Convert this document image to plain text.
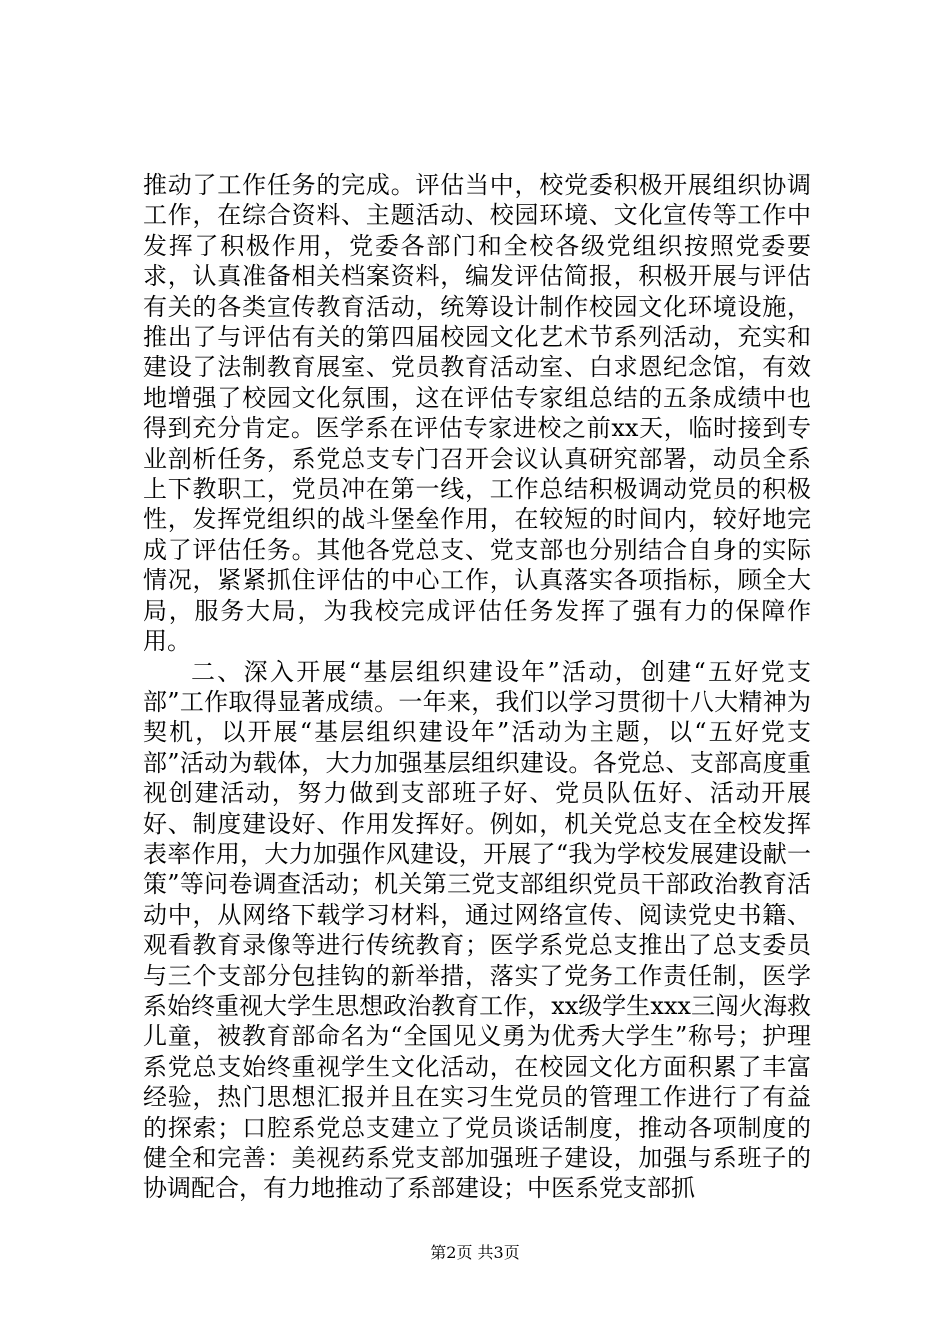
推动了工作任务的完成。评估当中，校党委积极开展组织协调工作，在综合资料、主题活动、校园环境、文化宣传等工作中发挥了积极作用，党委各部门和全校各级党组织按照党委要求，认真准备相关档案资料，编发评估简报，积极开展与评估有关的各类宣传教育活动，统筹设计制作校园文化环境设施，推出了与评估有关的第四届校园文化艺术节系列活动，充实和建设了法制教育展室、党员教育活动室、白求恩纪念馆，有效地增强了校园文化氛围，这在评估专家组总结的五条成绩中也得到充分肯定。医学系在评估专家进校之前xx天，临时接到专业剖析任务，系党总支专门召开会议认真研究部署，动员全系上下教职工，党员冲在第一线，工作总结积极调动党员的积极性，发挥党组织的战斗堡垒作用，在较短的时间内，较好地完成了评估任务。其他各党总支、党支部也分别结合自身的实际情况，紧紧抓住评估的中心工作，认真落实各项指标，顾全大局，服务大局，为我校完成评估任务发挥了强有力的保障作用。

二、深入开展“基层组织建设年”活动，创建“五好党支部”工作取得显著成绩。一年来，我们以学习贯彻十八大精神为契机，以开展“基层组织建设年”活动为主题，以“五好党支部”活动为载体，大力加强基层组织建设。各党总、支部高度重视创建活动，努力做到支部班子好、党员队伍好、活动开展好、制度建设好、作用发挥好。例如，机关党总支在全校发挥表率作用，大力加强作风建设，开展了“我为学校发展建设献一策”等问卷调查活动；机关第三党支部组织党员干部政治教育活动中，从网络下载学习材料，通过网络宣传、阅读党史书籍、观看教育录像等进行传统教育；医学系党总支推出了总支委员与三个支部分包挂钩的新举措，落实了党务工作责任制，医学系始终重视大学生思想政治教育工作，xx级学生xxx三闯火海救儿童，被教育部命名为“全国见义勇为优秀大学生”称号；护理系党总支始终重视学生文化活动，在校园文化方面积累了丰富经验，热门思想汇报并且在实习生党员的管理工作进行了有益的探索；口腔系党总支建立了党员谈话制度，推动各项制度的健全和完善：美视药系党支部加强班子建设，加强与系班子的协调配合，有力地推动了系部建设；中医系党支部抓

第2页 共3页
